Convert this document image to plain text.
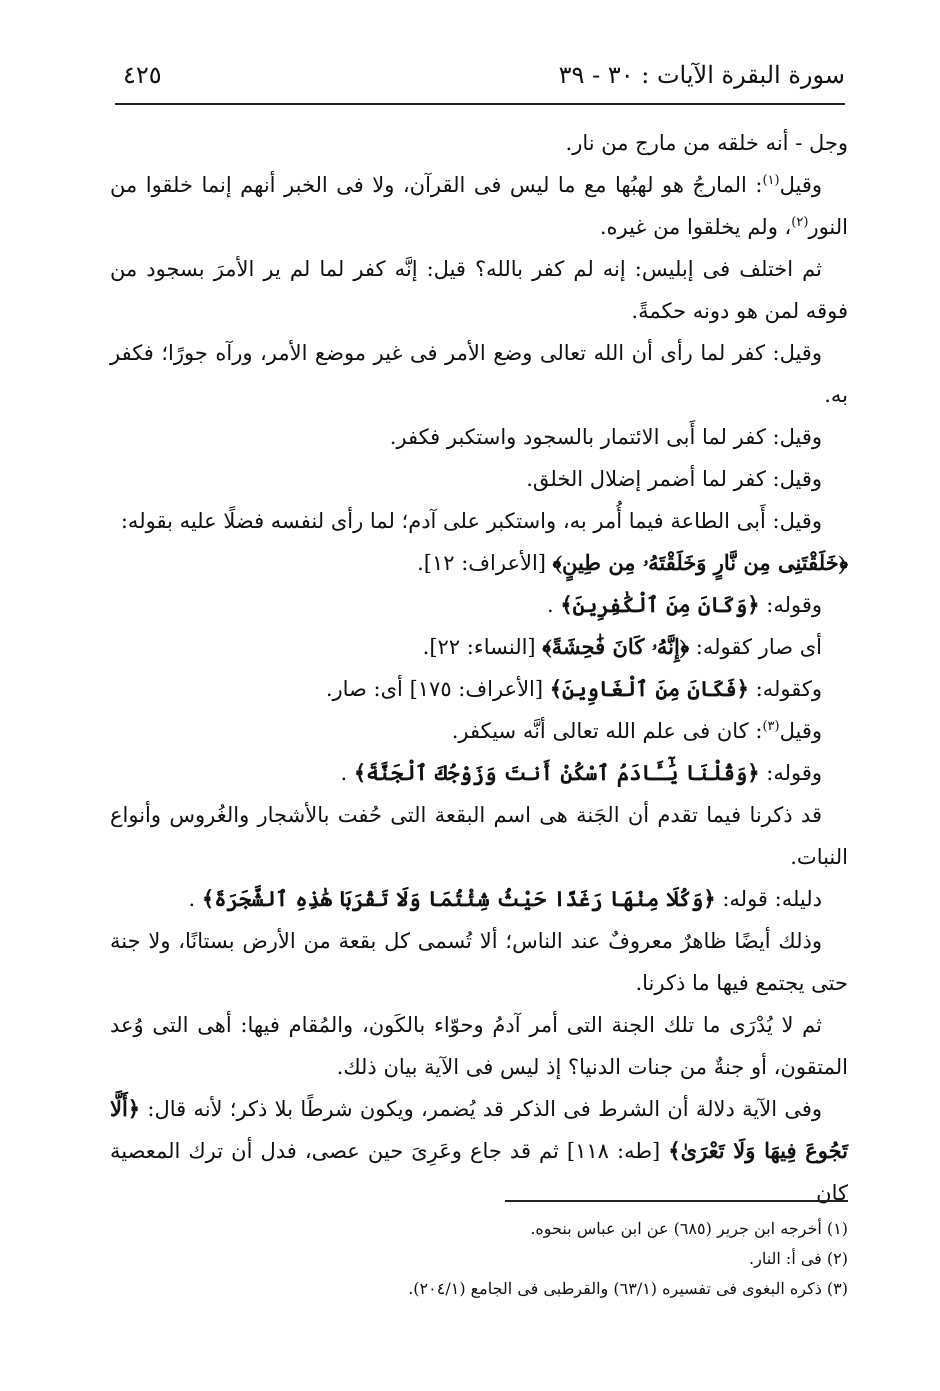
سورة البقرة الآيات : ٣٠ - ٣٩
٤٢٥

وجل - أنه خلقه من مارج من نار.

وقيل$^{(١)}$: المارجُ هو لهبُها مع ما ليس فى القرآن، ولا فى الخبر أنهم إنما خلقوا من النور$^{(٢)}$، ولم يخلقوا من غيره.

ثم اختلف فى إبليس: إنه لم كفر بالله؟ قيل: إنَّه كفر لما لم ير الأمرَ بسجود من فوقه لمن هو دونه حكمةً.

وقيل: كفر لما رأى أن الله تعالى وضع الأمر فى غير موضع الأمر، ورآه جورًا؛ فكفر به.

وقيل: كفر لما أَبى الائتمار بالسجود واستكبر فكفر.

وقيل: كفر لما أضمر إضلال الخلق.

وقيل: أَبى الطاعة فيما أُمر به، واستكبر على آدم؛ لما رأى لنفسه فضلًا عليه بقوله:

﴿خَلَقْتَنِى مِن نَّارٍ وَخَلَقْتَهُۥ مِن طِينٍ﴾ [الأعراف: ١٢].

وقوله: ﴿وَكَانَ مِنَ ٱلْكَٰفِرِينَ﴾ .

أى صار كقوله: ﴿إِنَّهُۥ كَانَ فَٰحِشَةً﴾ [النساء: ٢٢].

وكقوله: ﴿فَكَانَ مِنَ ٱلْغَاوِينَ﴾ [الأعراف: ١٧٥] أى: صار.

وقيل$^{(٣)}$: كان فى علم الله تعالى أنَّه سيكفر.

وقوله: ﴿وَقُلْنَا يَٰٓـَٔادَمُ ٱسْكُنْ أَنتَ وَزَوْجُكَ ٱلْجَنَّةَ﴾ .

قد ذكرنا فيما تقدم أن الجَنة هى اسم البقعة التى حُفت بالأشجار والغُروس وأنواع النبات.

دليله: قوله: ﴿وَكُلَا مِنْهَا رَغَدًا حَيْثُ شِئْتُمَا وَلَا تَقْرَبَا هَٰذِهِ ٱلشَّجَرَةَ﴾ .

وذلك أيضًا ظاهرٌ معروفٌ عند الناس؛ ألا تُسمى كل بقعة من الأرض بستانًا، ولا جنة حتى يجتمع فيها ما ذكرنا.

ثم لا يُدْرَى ما تلك الجنة التى أمر آدمُ وحوّاء بالكَون، والمُقام فيها: أهى التى وُعد المتقون، أو جنةٌ من جنات الدنيا؟ إذ ليس فى الآية بيان ذلك.

وفى الآية دلالة أن الشرط فى الذكر قد يُضمر، ويكون شرطًا بلا ذكر؛ لأنه قال: ﴿أَلَّا تَجُوعَ فِيهَا وَلَا تَعْرَىٰ﴾ [طه: ١١٨] ثم قد جاع وعَرِىَ حين عصى، فدل أن ترك المعصية كان

(١) أخرجه ابن جرير (٦٨٥) عن ابن عباس بنحوه.

(٢) فى أ: النار.

(٣) ذكره البغوى فى تفسيره (٦٣/١) والقرطبى فى الجامع (٢٠٤/١).
